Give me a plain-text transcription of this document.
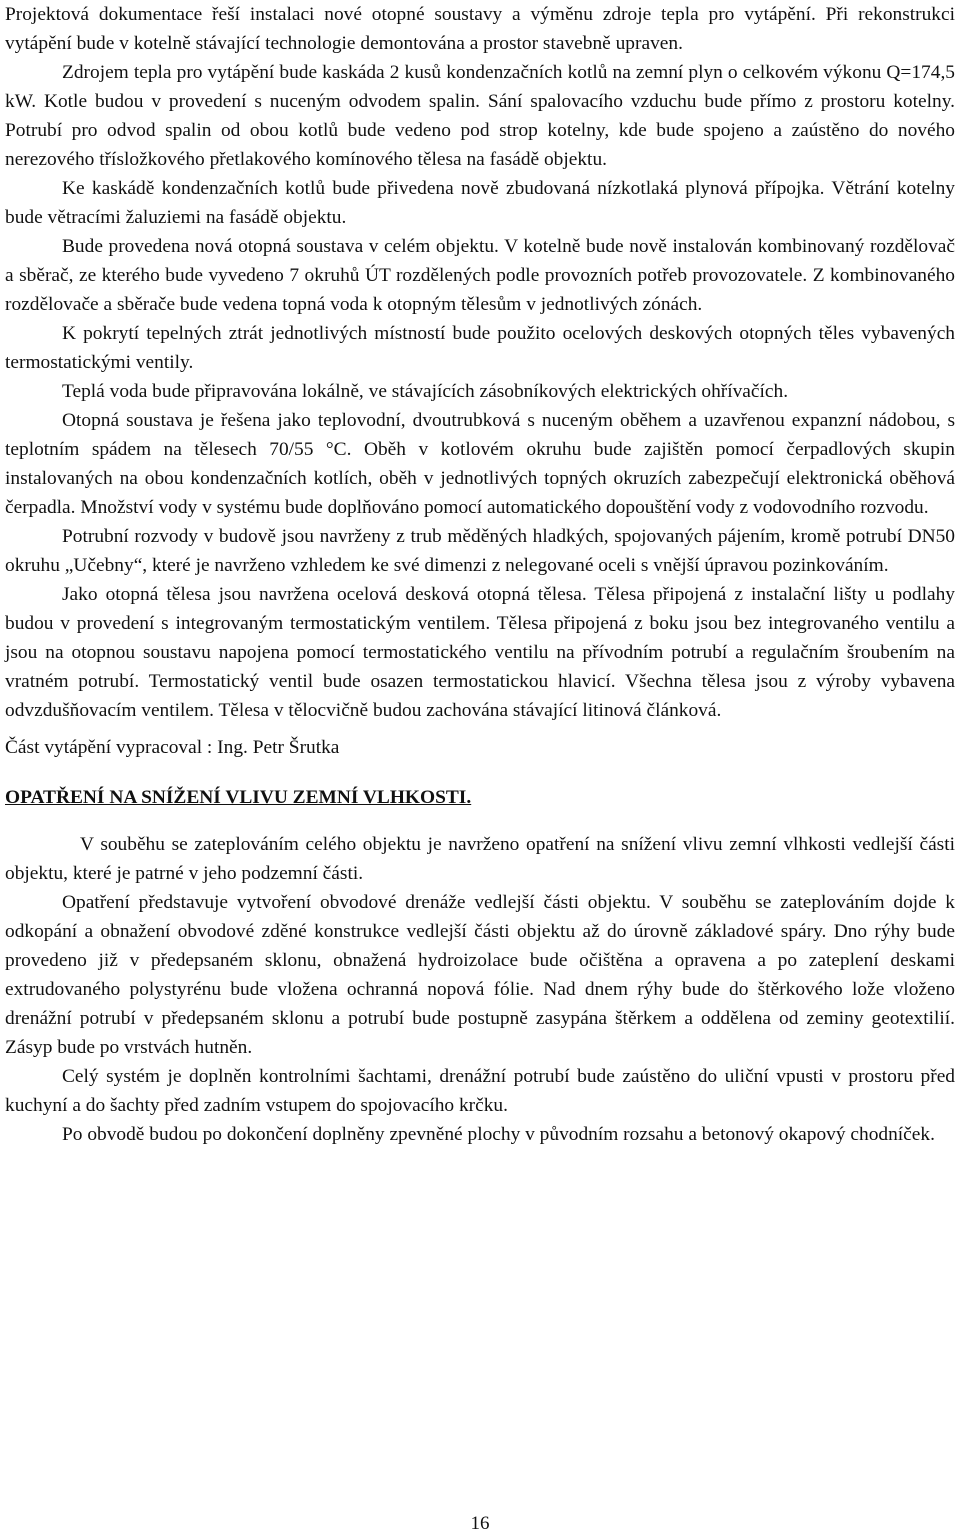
Projektová dokumentace řeší instalaci nové otopné soustavy a výměnu zdroje tepla pro vytápění. Při rekonstrukci vytápění bude v kotelně stávající technologie demontována a prostor stavebně upraven.

Zdrojem tepla pro vytápění bude kaskáda 2 kusů kondenzačních kotlů na zemní plyn o celkovém výkonu Q=174,5 kW. Kotle budou v provedení s nuceným odvodem spalin. Sání spalovacího vzduchu bude přímo z prostoru kotelny. Potrubí pro odvod spalin od obou kotlů bude vedeno pod strop kotelny, kde bude spojeno a zaústěno do nového nerezového třísložkového přetlakového komínového tělesa na fasádě objektu.

Ke kaskádě kondenzačních kotlů bude přivedena nově zbudovaná nízkotlaká plynová přípojka. Větrání kotelny bude větracími žaluziemi na fasádě objektu.

Bude provedena nová otopná soustava v celém objektu. V kotelně bude nově instalován kombinovaný rozdělovač a sběrač, ze kterého bude vyvedeno 7 okruhů ÚT rozdělených podle provozních potřeb provozovatele. Z kombinovaného rozdělovače a sběrače bude vedena topná voda k otopným tělesům v jednotlivých zónách.

K pokrytí tepelných ztrát jednotlivých místností bude použito ocelových deskových otopných těles vybavených termostatickými ventily.

Teplá voda bude připravována lokálně, ve stávajících zásobníkových elektrických ohřívačích.

Otopná soustava je řešena jako teplovodní, dvoutrubková s nuceným oběhem a uzavřenou expanzní nádobou, s teplotním spádem na tělesech 70/55 °C. Oběh v kotlovém okruhu bude zajištěn pomocí čerpadlových skupin instalovaných na obou kondenzačních kotlích, oběh v jednotlivých topných okruzích zabezpečují elektronická oběhová čerpadla. Množství vody v systému bude doplňováno pomocí automatického dopouštění vody z vodovodního rozvodu.

Potrubní rozvody v budově jsou navrženy z trub měděných hladkých, spojovaných pájením, kromě potrubí DN50 okruhu „Učebny“, které je navrženo vzhledem ke své dimenzi z nelegované oceli s vnější úpravou pozinkováním.

Jako otopná tělesa jsou navržena ocelová desková otopná tělesa. Tělesa připojená z instalační lišty u podlahy budou v provedení s integrovaným termostatickým ventilem. Tělesa připojená z boku jsou bez integrovaného ventilu a jsou na otopnou soustavu napojena pomocí termostatického ventilu na přívodním potrubí a regulačním šroubením na vratném potrubí. Termostatický ventil bude osazen termostatickou hlavicí. Všechna tělesa jsou z výroby vybavena odvzdušňovacím ventilem. Tělesa v tělocvičně budou zachována stávající litinová článková.

Část vytápění vypracoval : Ing. Petr Šrutka

OPATŘENÍ NA SNÍŽENÍ VLIVU ZEMNÍ VLHKOSTI.

V souběhu se zateplováním celého objektu je navrženo opatření na snížení vlivu zemní vlhkosti vedlejší části objektu, které je patrné v jeho podzemní části.

Opatření představuje vytvoření obvodové drenáže vedlejší části objektu. V souběhu se zateplováním dojde k odkopání a obnažení obvodové zděné konstrukce vedlejší části objektu až do úrovně základové spáry. Dno rýhy bude provedeno již v předepsaném sklonu, obnažená hydroizolace bude očištěna a opravena a po zateplení deskami extrudovaného polystyrénu bude vložena ochranná nopová fólie. Nad dnem rýhy bude do štěrkového lože vloženo drenážní potrubí v předepsaném sklonu a potrubí bude postupně zasypána štěrkem a oddělena od zeminy geotextilií. Zásyp bude po vrstvách hutněn.

Celý systém je doplněn kontrolními šachtami, drenážní potrubí bude zaústěno do uliční vpusti v prostoru před kuchyní a do šachty před zadním vstupem do spojovacího krčku.

Po obvodě budou po dokončení doplněny zpevněné plochy v původním rozsahu a betonový okapový chodníček.

16
